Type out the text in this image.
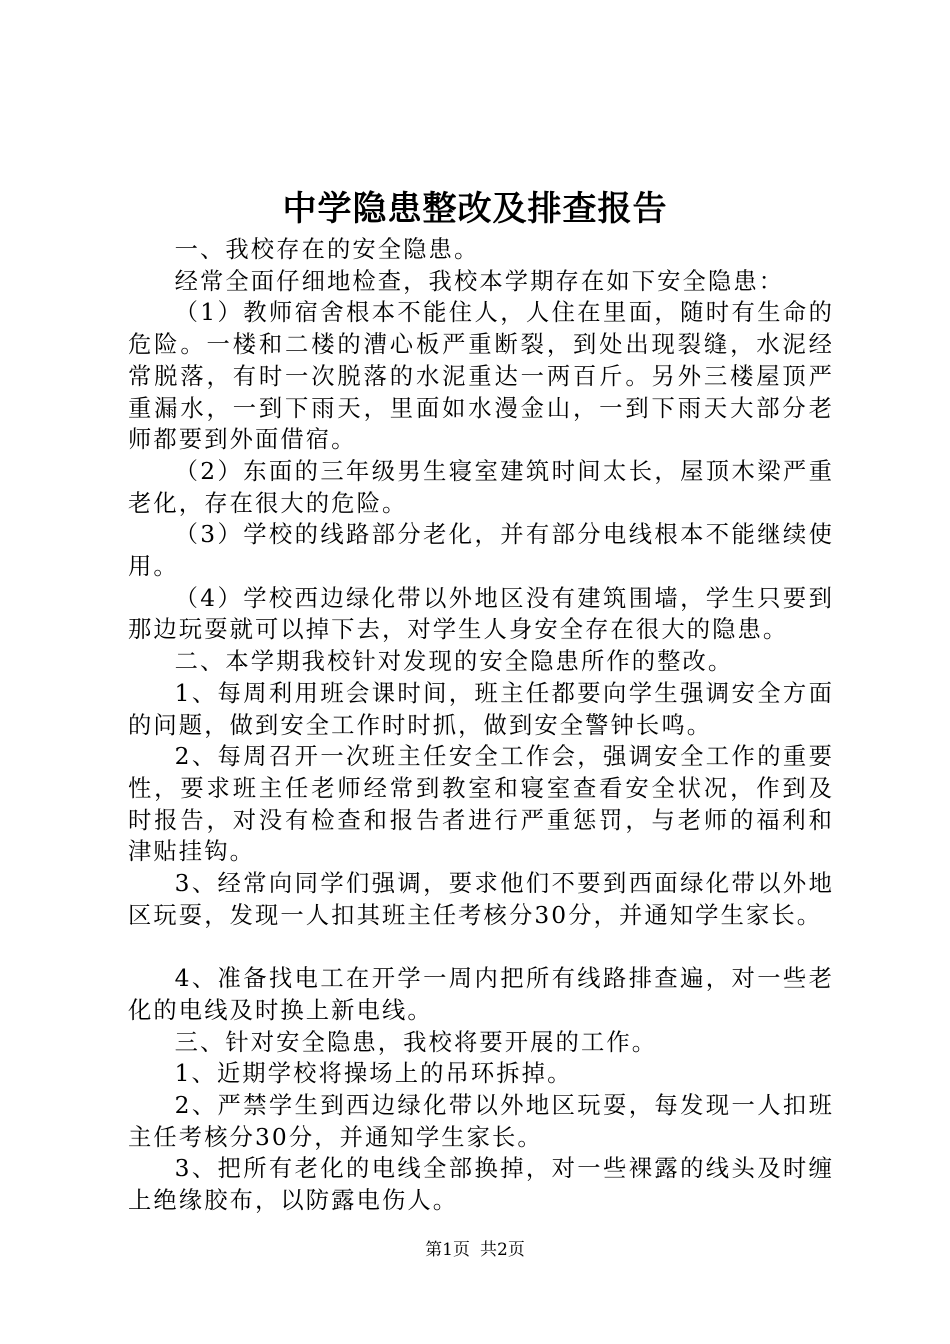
中学隐患整改及排查报告

一、我校存在的安全隐患。

经常全面仔细地检查，我校本学期存在如下安全隐患：

（1）教师宿舍根本不能住人，人住在里面，随时有生命的危险。一楼和二楼的漕心板严重断裂，到处出现裂缝，水泥经常脱落，有时一次脱落的水泥重达一两百斤。另外三楼屋顶严重漏水，一到下雨天，里面如水漫金山，一到下雨天大部分老师都要到外面借宿。

（2）东面的三年级男生寝室建筑时间太长，屋顶木梁严重老化，存在很大的危险。

（3）学校的线路部分老化，并有部分电线根本不能继续使用。

（4）学校西边绿化带以外地区没有建筑围墙，学生只要到那边玩耍就可以掉下去，对学生人身安全存在很大的隐患。

二、本学期我校针对发现的安全隐患所作的整改。

1、每周利用班会课时间，班主任都要向学生强调安全方面的问题，做到安全工作时时抓，做到安全警钟长鸣。

2、每周召开一次班主任安全工作会，强调安全工作的重要性，要求班主任老师经常到教室和寝室查看安全状况，作到及时报告，对没有检查和报告者进行严重惩罚，与老师的福利和津贴挂钩。

3、经常向同学们强调，要求他们不要到西面绿化带以外地区玩耍，发现一人扣其班主任考核分30分，并通知学生家长。

4、准备找电工在开学一周内把所有线路排查遍，对一些老化的电线及时换上新电线。

三、针对安全隐患，我校将要开展的工作。

1、近期学校将操场上的吊环拆掉。

2、严禁学生到西边绿化带以外地区玩耍，每发现一人扣班主任考核分30分，并通知学生家长。

3、把所有老化的电线全部换掉，对一些裸露的线头及时缠上绝缘胶布，以防露电伤人。

第1页 共2页
